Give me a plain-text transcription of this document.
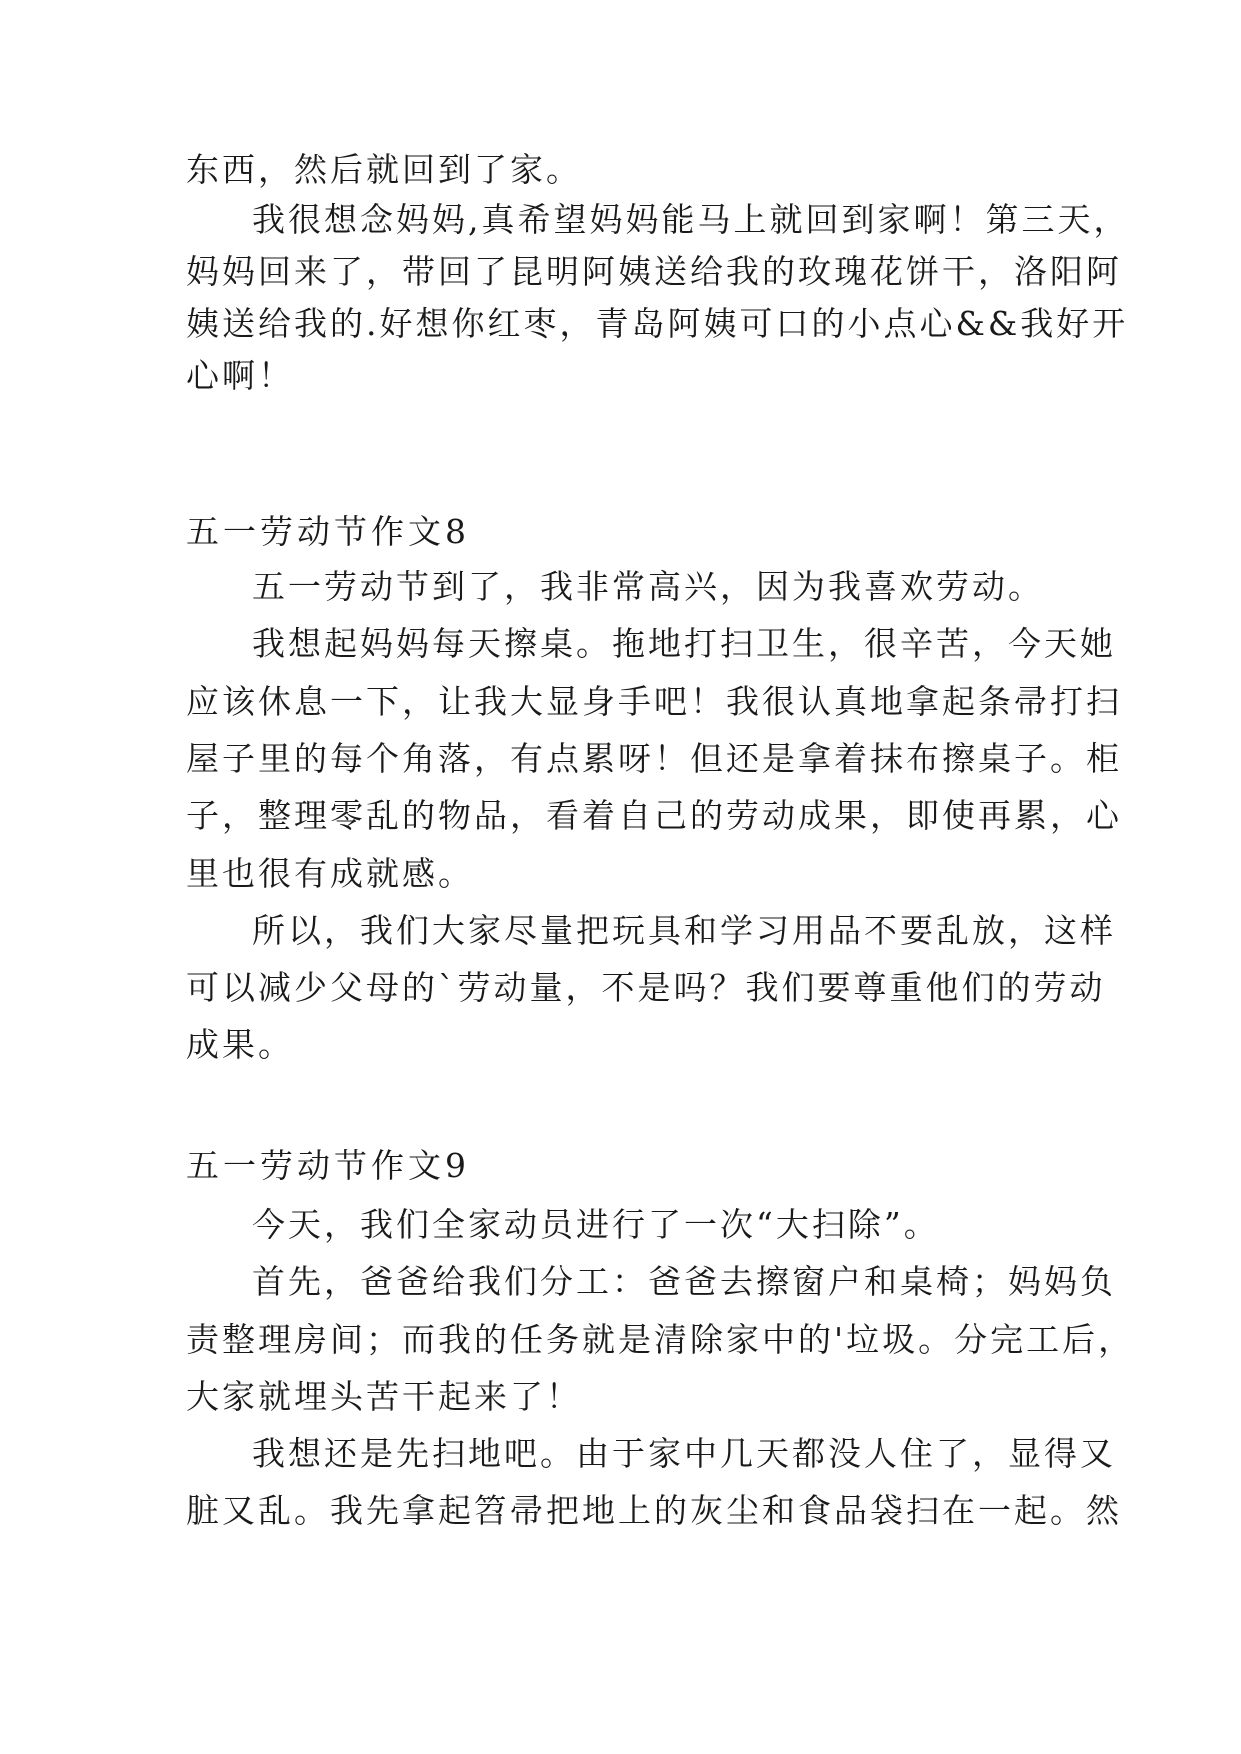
东西，然后就回到了家。
我很想念妈妈,真希望妈妈能马上就回到家啊！第三天，
妈妈回来了，带回了昆明阿姨送给我的玫瑰花饼干，洛阳阿
姨送给我的.好想你红枣，青岛阿姨可口的小点心&&我好开
心啊！
五一劳动节作文8
五一劳动节到了，我非常高兴，因为我喜欢劳动。
我想起妈妈每天擦桌。拖地打扫卫生，很辛苦，今天她
应该休息一下，让我大显身手吧！我很认真地拿起条帚打扫
屋子里的每个角落，有点累呀！但还是拿着抹布擦桌子。柜
子，整理零乱的物品，看着自己的劳动成果，即使再累，心
里也很有成就感。
所以，我们大家尽量把玩具和学习用品不要乱放，这样
可以减少父母的`劳动量，不是吗？我们要尊重他们的劳动
成果。
五一劳动节作文9
今天，我们全家动员进行了一次“大扫除”。
首先，爸爸给我们分工：爸爸去擦窗户和桌椅；妈妈负
责整理房间；而我的任务就是清除家中的'垃圾。分完工后，
大家就埋头苦干起来了！
我想还是先扫地吧。由于家中几天都没人住了，显得又
脏又乱。我先拿起笤帚把地上的灰尘和食品袋扫在一起。然
